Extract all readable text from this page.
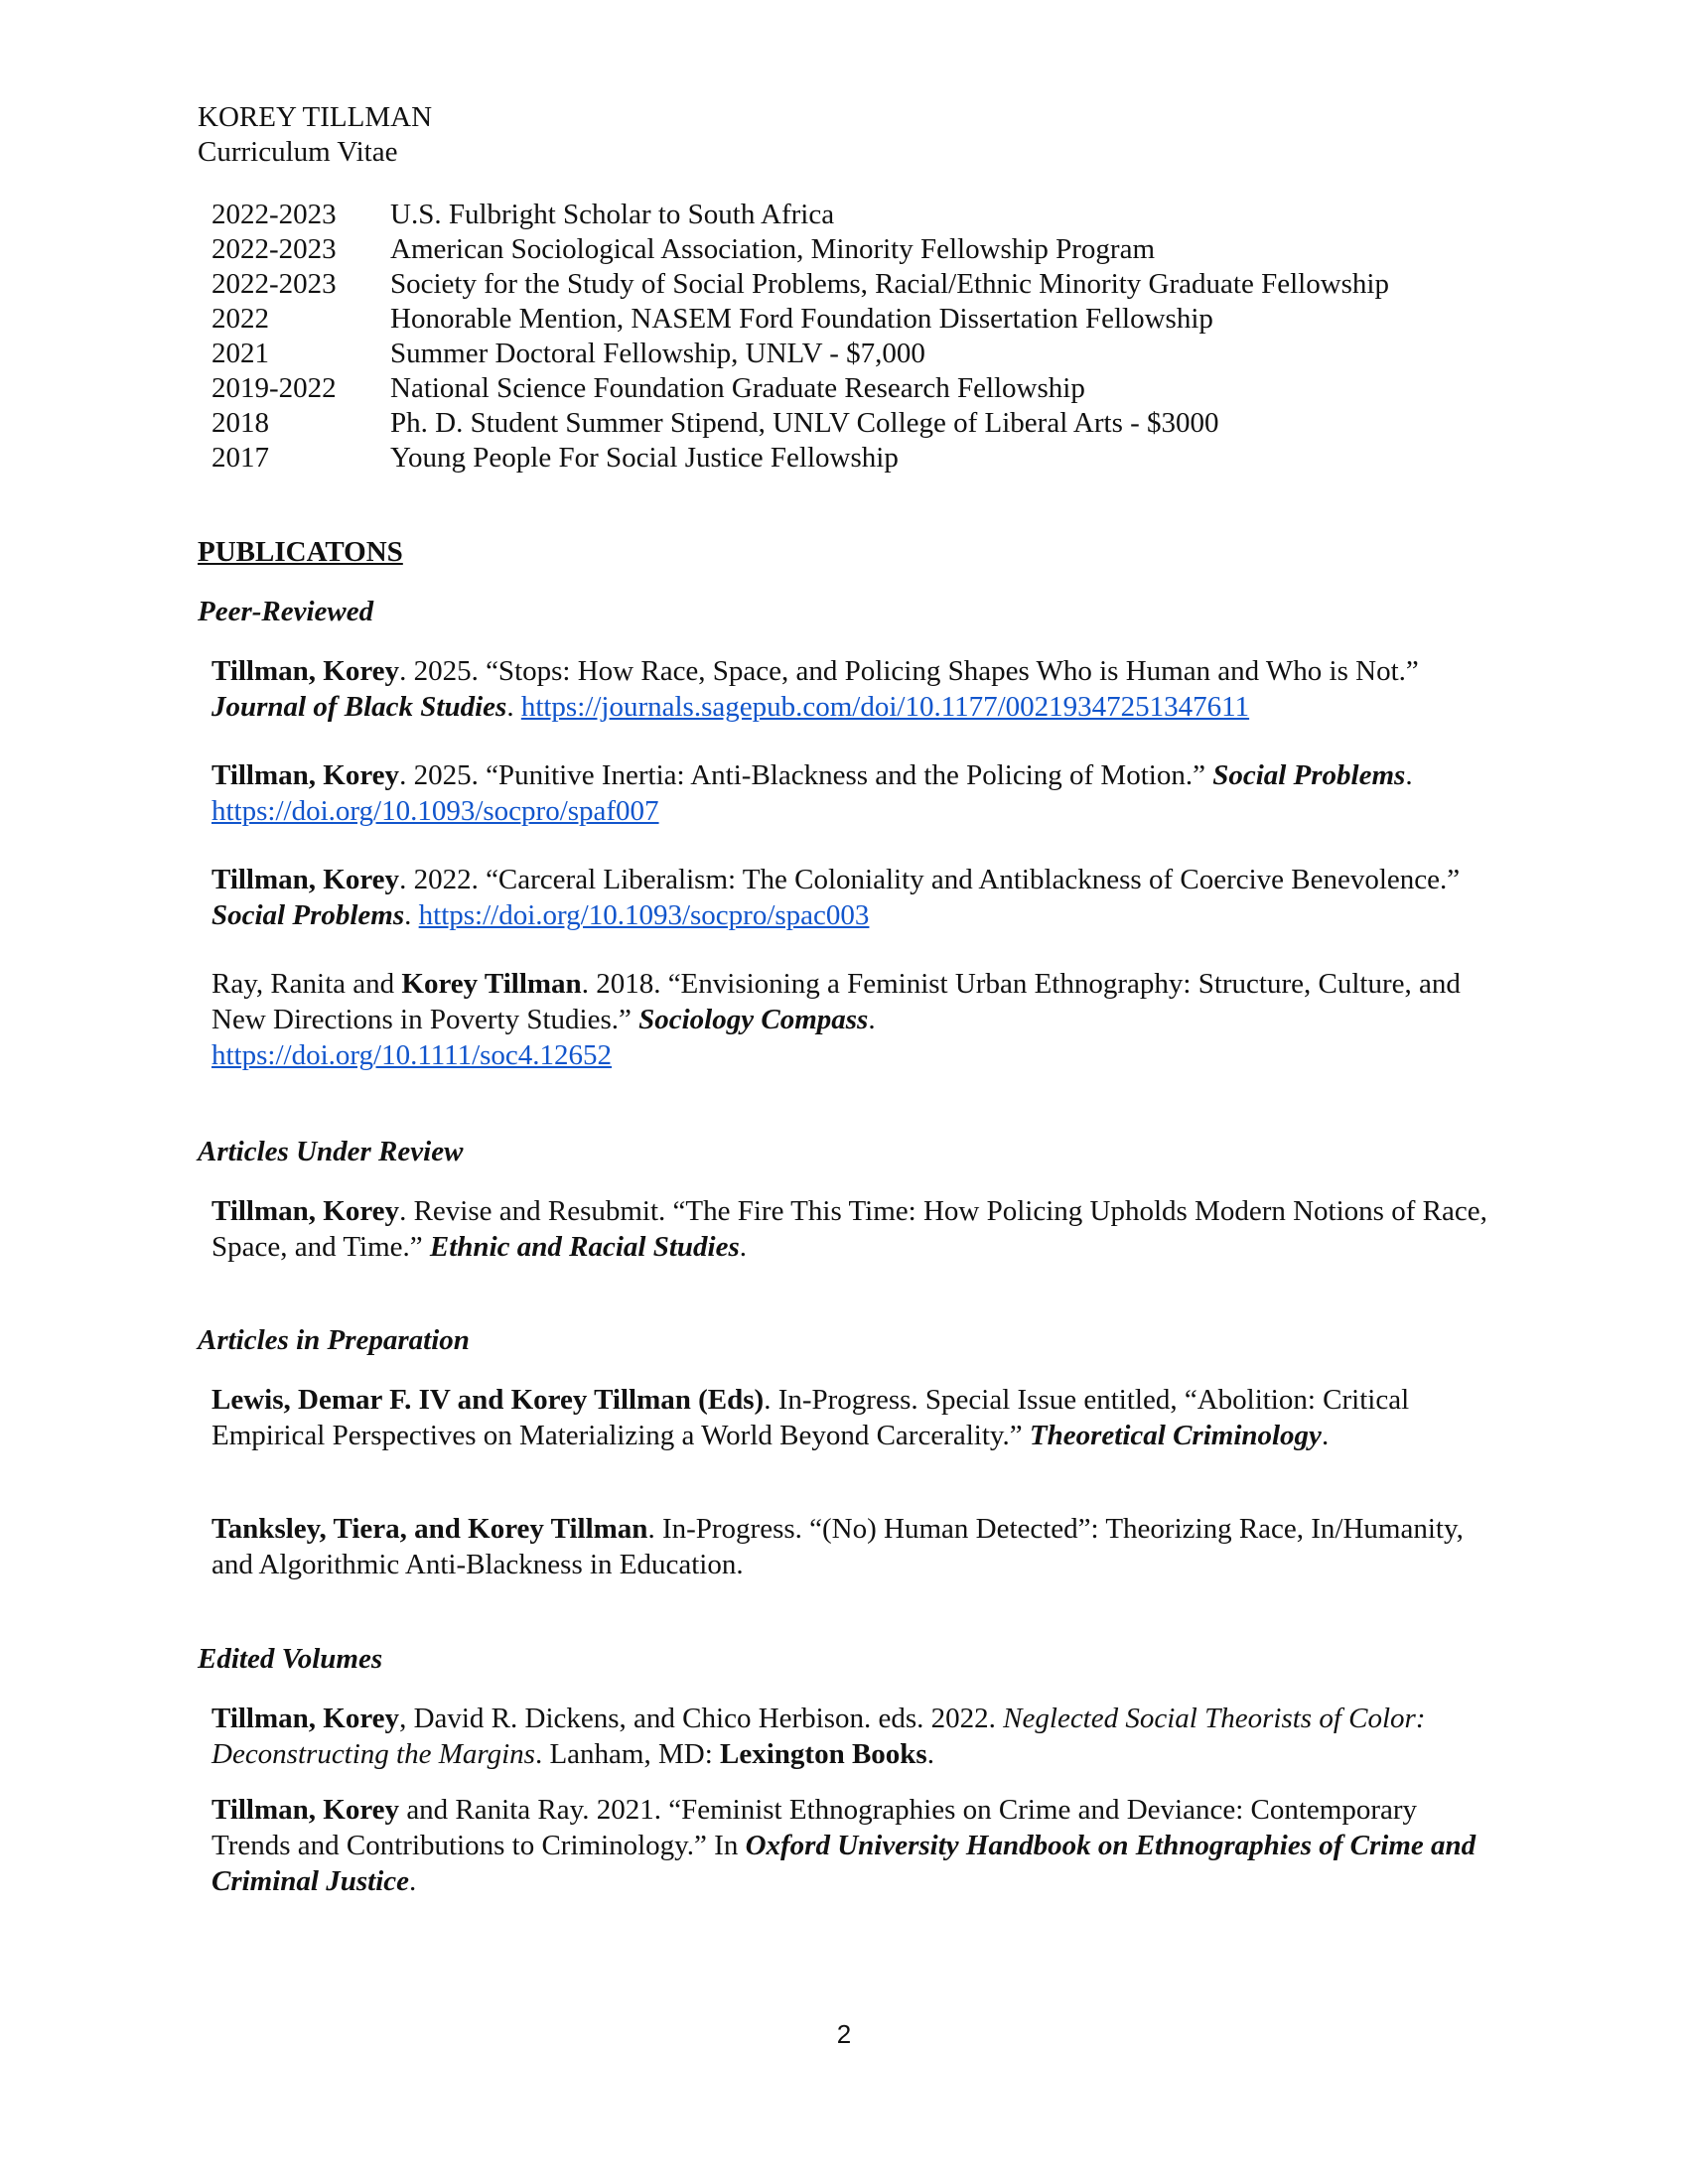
KOREY TILLMAN
Curriculum Vitae
2022-2023	U.S. Fulbright Scholar to South Africa
2022-2023	American Sociological Association, Minority Fellowship Program
2022-2023	Society for the Study of Social Problems, Racial/Ethnic Minority Graduate Fellowship
2022	Honorable Mention, NASEM Ford Foundation Dissertation Fellowship
2021	Summer Doctoral Fellowship, UNLV - $7,000
2019-2022	National Science Foundation Graduate Research Fellowship
2018	Ph. D. Student Summer Stipend, UNLV College of Liberal Arts - $3000
2017	Young People For Social Justice Fellowship
PUBLICATONS
Peer-Reviewed
Tillman, Korey. 2025. “Stops: How Race, Space, and Policing Shapes Who is Human and Who is Not.” Journal of Black Studies. https://journals.sagepub.com/doi/10.1177/00219347251347611
Tillman, Korey. 2025. “Punitive Inertia: Anti-Blackness and the Policing of Motion.” Social Problems. https://doi.org/10.1093/socpro/spaf007
Tillman, Korey. 2022. “Carceral Liberalism: The Coloniality and Antiblackness of Coercive Benevolence.” Social Problems. https://doi.org/10.1093/socpro/spac003
Ray, Ranita and Korey Tillman. 2018. “Envisioning a Feminist Urban Ethnography: Structure, Culture, and New Directions in Poverty Studies.” Sociology Compass.
https://doi.org/10.1111/soc4.12652
Articles Under Review
Tillman, Korey. Revise and Resubmit. “The Fire This Time: How Policing Upholds Modern Notions of Race, Space, and Time.” Ethnic and Racial Studies.
Articles in Preparation
Lewis, Demar F. IV and Korey Tillman (Eds). In-Progress. Special Issue entitled, “Abolition: Critical Empirical Perspectives on Materializing a World Beyond Carcerality.” Theoretical Criminology.
Tanksley, Tiera, and Korey Tillman. In-Progress. “(No) Human Detected”: Theorizing Race, In/Humanity, and Algorithmic Anti-Blackness in Education.
Edited Volumes
Tillman, Korey, David R. Dickens, and Chico Herbison. eds. 2022. Neglected Social Theorists of Color: Deconstructing the Margins. Lanham, MD: Lexington Books.
Tillman, Korey and Ranita Ray. 2021. “Feminist Ethnographies on Crime and Deviance: Contemporary Trends and Contributions to Criminology.” In Oxford University Handbook on Ethnographies of Crime and Criminal Justice.
2
